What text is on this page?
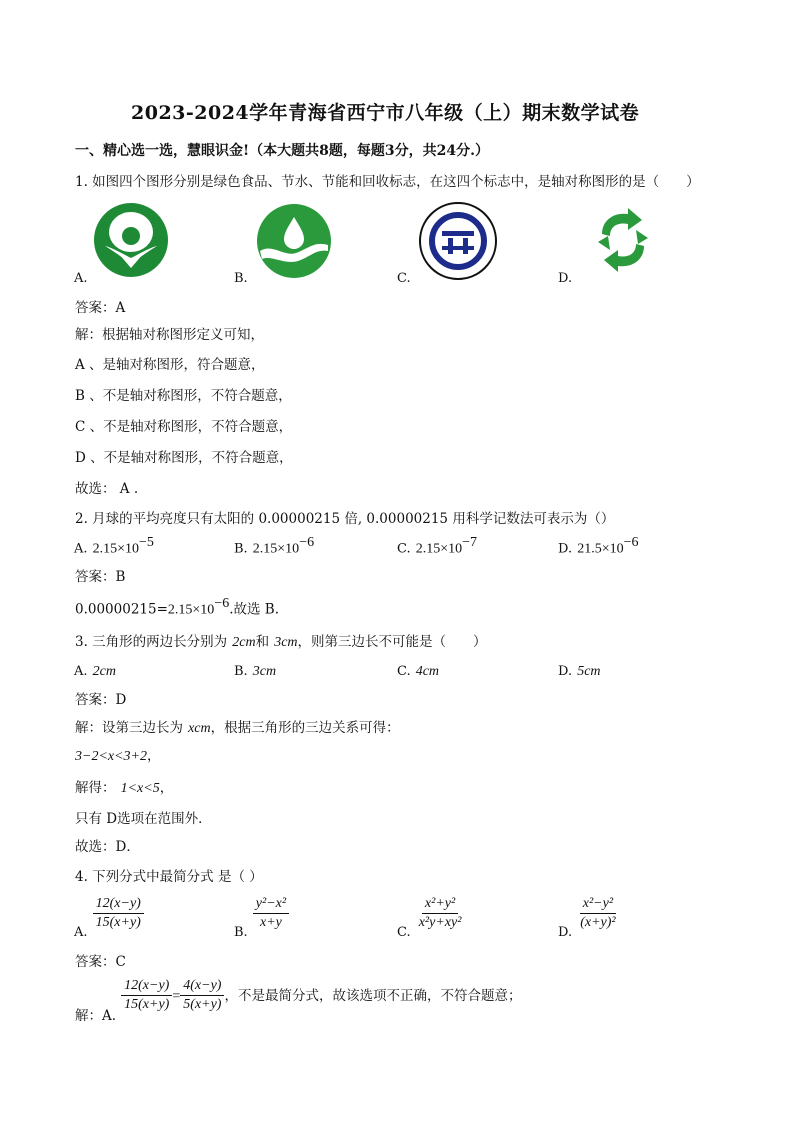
2023-2024学年青海省西宁市八年级（上）期末数学试卷
一、精心选一选，慧眼识金!（本大题共8题，每题3分，共24分.）
1. 如图四个图形分别是绿色食品、节水、节能和回收标志，在这四个标志中，是轴对称图形的是（　　）
A.	B.	C.	D.
答案：A
解：根据轴对称图形定义可知，
A 、是轴对称图形，符合题意，
B 、不是轴对称图形，不符合题意，
C 、不是轴对称图形，不符合题意，
D 、不是轴对称图形，不符合题意，
故选： A .
2. 月球的平均亮度只有太阳的 0.00000215 倍, 0.00000215 用科学记数法可表示为（）
A. $2.15\times 10^{-5}$	B. $2.15\times 10^{-6}$	C. $2.15\times 10^{-7}$	D. $21.5\times 10^{-6}$
答案：B
$0.00000215=2.15\times 10^{-6}$.故选 B.
3. 三角形的两边长分别为 2cm和 3cm，则第三边长不可能是（　　）
A. 2cm	B. 3cm	C. 4cm	D. 5cm
答案：D
解：设第三边长为 xcm，根据三角形的三边关系可得：
3−2<x<3+2，
解得： 1<x<5，
只有 D选项在范围外．
故选：D．
4. 下列分式中最简分式 是（ ）
$_{A.}$
$\frac{12(x-y)}{15(x+y)}$
$_{B.}$
$\frac{\text{y²−x²}}{x+y}$
$_{C.}$
$\frac{\text{x²+y²}}{\text{x²y+xy²}}$
$_{D.}$
$\frac{\text{x²−y²}}{\text{(x+y)²}}$
答案：C
$_{解:A.}$
$\frac{12(x-y)}{15(x+y)} = \frac{4(x-y)}{5(x+y)}$ ，不是最简分式，故该选项不正确，不符合题意；
